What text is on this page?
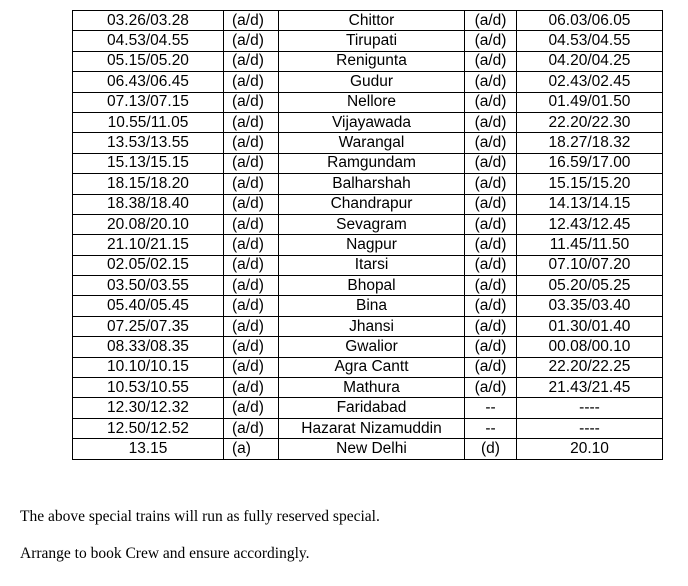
03.26/03.28	(a/d)	Chittor	(a/d)	06.03/06.05
04.53/04.55	(a/d)	Tirupati	(a/d)	04.53/04.55
05.15/05.20	(a/d)	Renigunta	(a/d)	04.20/04.25
06.43/06.45	(a/d)	Gudur	(a/d)	02.43/02.45
07.13/07.15	(a/d)	Nellore	(a/d)	01.49/01.50
10.55/11.05	(a/d)	Vijayawada	(a/d)	22.20/22.30
13.53/13.55	(a/d)	Warangal	(a/d)	18.27/18.32
15.13/15.15	(a/d)	Ramgundam	(a/d)	16.59/17.00
18.15/18.20	(a/d)	Balharshah	(a/d)	15.15/15.20
18.38/18.40	(a/d)	Chandrapur	(a/d)	14.13/14.15
20.08/20.10	(a/d)	Sevagram	(a/d)	12.43/12.45
21.10/21.15	(a/d)	Nagpur	(a/d)	11.45/11.50
02.05/02.15	(a/d)	Itarsi	(a/d)	07.10/07.20
03.50/03.55	(a/d)	Bhopal	(a/d)	05.20/05.25
05.40/05.45	(a/d)	Bina	(a/d)	03.35/03.40
07.25/07.35	(a/d)	Jhansi	(a/d)	01.30/01.40
08.33/08.35	(a/d)	Gwalior	(a/d)	00.08/00.10
10.10/10.15	(a/d)	Agra Cantt	(a/d)	22.20/22.25
10.53/10.55	(a/d)	Mathura	(a/d)	21.43/21.45
12.30/12.32	(a/d)	Faridabad	--	----
12.50/12.52	(a/d)	Hazarat Nizamuddin	--	----
13.15	(a)	New Delhi	(d)	20.10

The above special trains will run as fully reserved special.

Arrange to book Crew and ensure accordingly.
